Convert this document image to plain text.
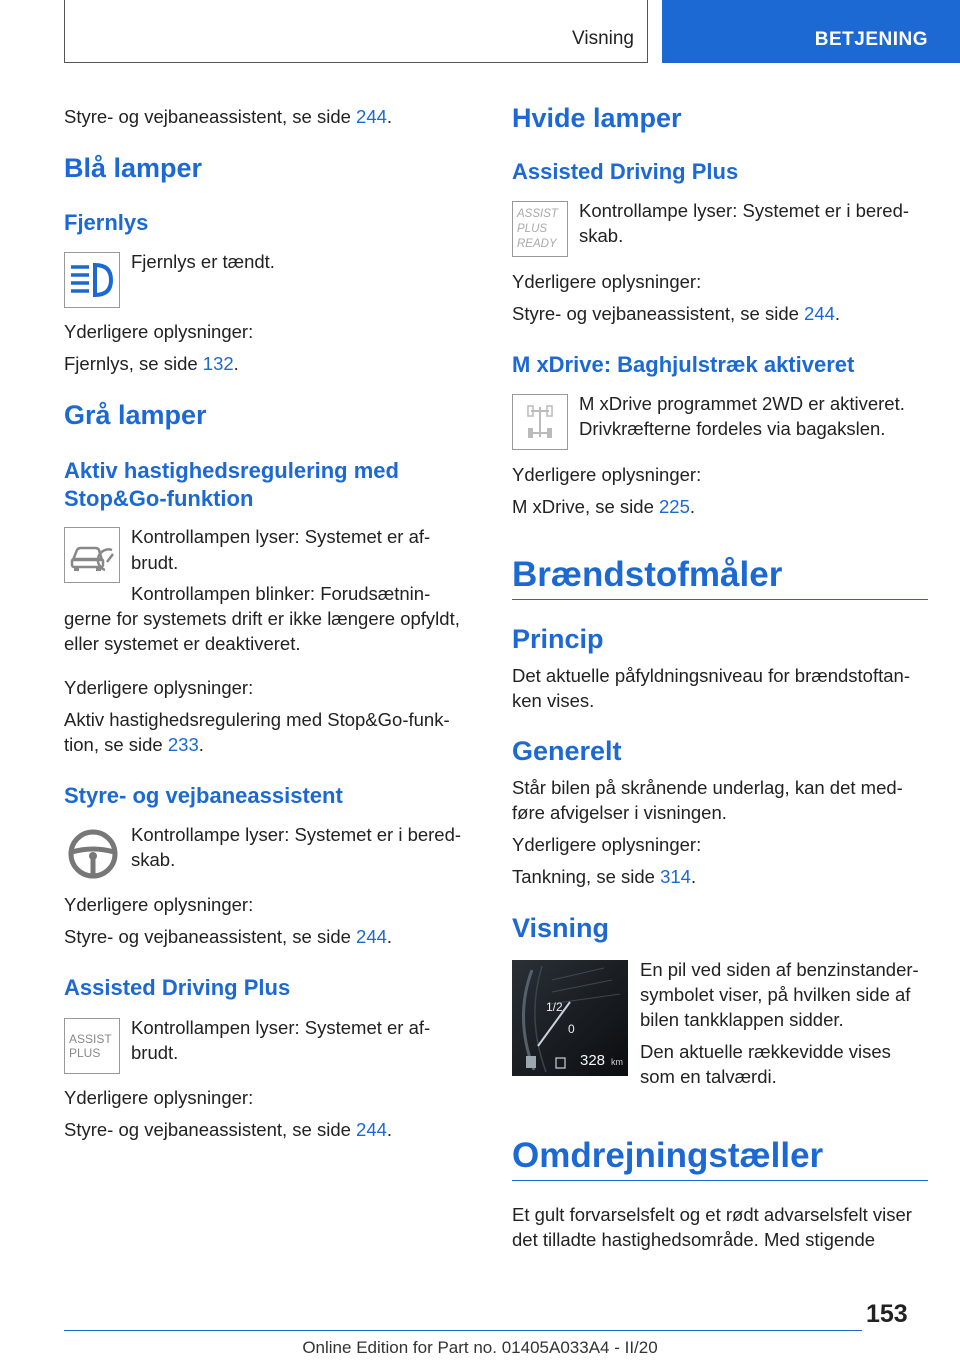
Visning	BETJENING

Styre- og vejbaneassistent, se side 244.

Blå lamper
Fjernlys

Fjernlys er tændt.

Yderligere oplysninger:

Fjernlys, se side 132.

Grå lamper
Aktiv hastighedsregulering med
Stop&Go-funktion

Kontrollampen lyser: Systemet er af-

brudt.

Kontrollampen blinker: Forudsætnin-

gerne for systemets drift er ikke længere opfyldt,

eller systemet er deaktiveret.

Yderligere oplysninger:

Aktiv hastighedsregulering med Stop&Go-funk-

tion, se side 233.

Styre- og vejbaneassistent

Kontrollampe lyser: Systemet er i bered-

skab.

Yderligere oplysninger:

Styre- og vejbaneassistent, se side 244.

Assisted Driving Plus
ASSIST
PLUS

Kontrollampen lyser: Systemet er af-

brudt.

Yderligere oplysninger:

Styre- og vejbaneassistent, se side 244.

Hvide lamper
Assisted Driving Plus
ASSIST
PLUS
READY

Kontrollampe lyser: Systemet er i bered-

skab.

Yderligere oplysninger:

Styre- og vejbaneassistent, se side 244.

M xDrive: Baghjulstræk aktiveret

M xDrive programmet 2WD er aktiveret.

Drivkræfterne fordeles via bagakslen.

Yderligere oplysninger:

M xDrive, se side 225.

Brændstofmåler
Princip

Det aktuelle påfyldningsniveau for brændstoftan-

ken vises.

Generelt

Står bilen på skrånende underlag, kan det med-

føre afvigelser i visningen.

Yderligere oplysninger:

Tankning, se side 314.

Visning
1/2
0
328 km

En pil ved siden af benzinstander-

symbolet viser, på hvilken side af

bilen tankklappen sidder.

Den aktuelle rækkevidde vises

som en talværdi.

Omdrejningstæller

Et gult forvarselsfelt og et rødt advarselsfelt viser

det tilladte hastighedsområde. Med stigende

153
Online Edition for Part no. 01405A033A4 - II/20
